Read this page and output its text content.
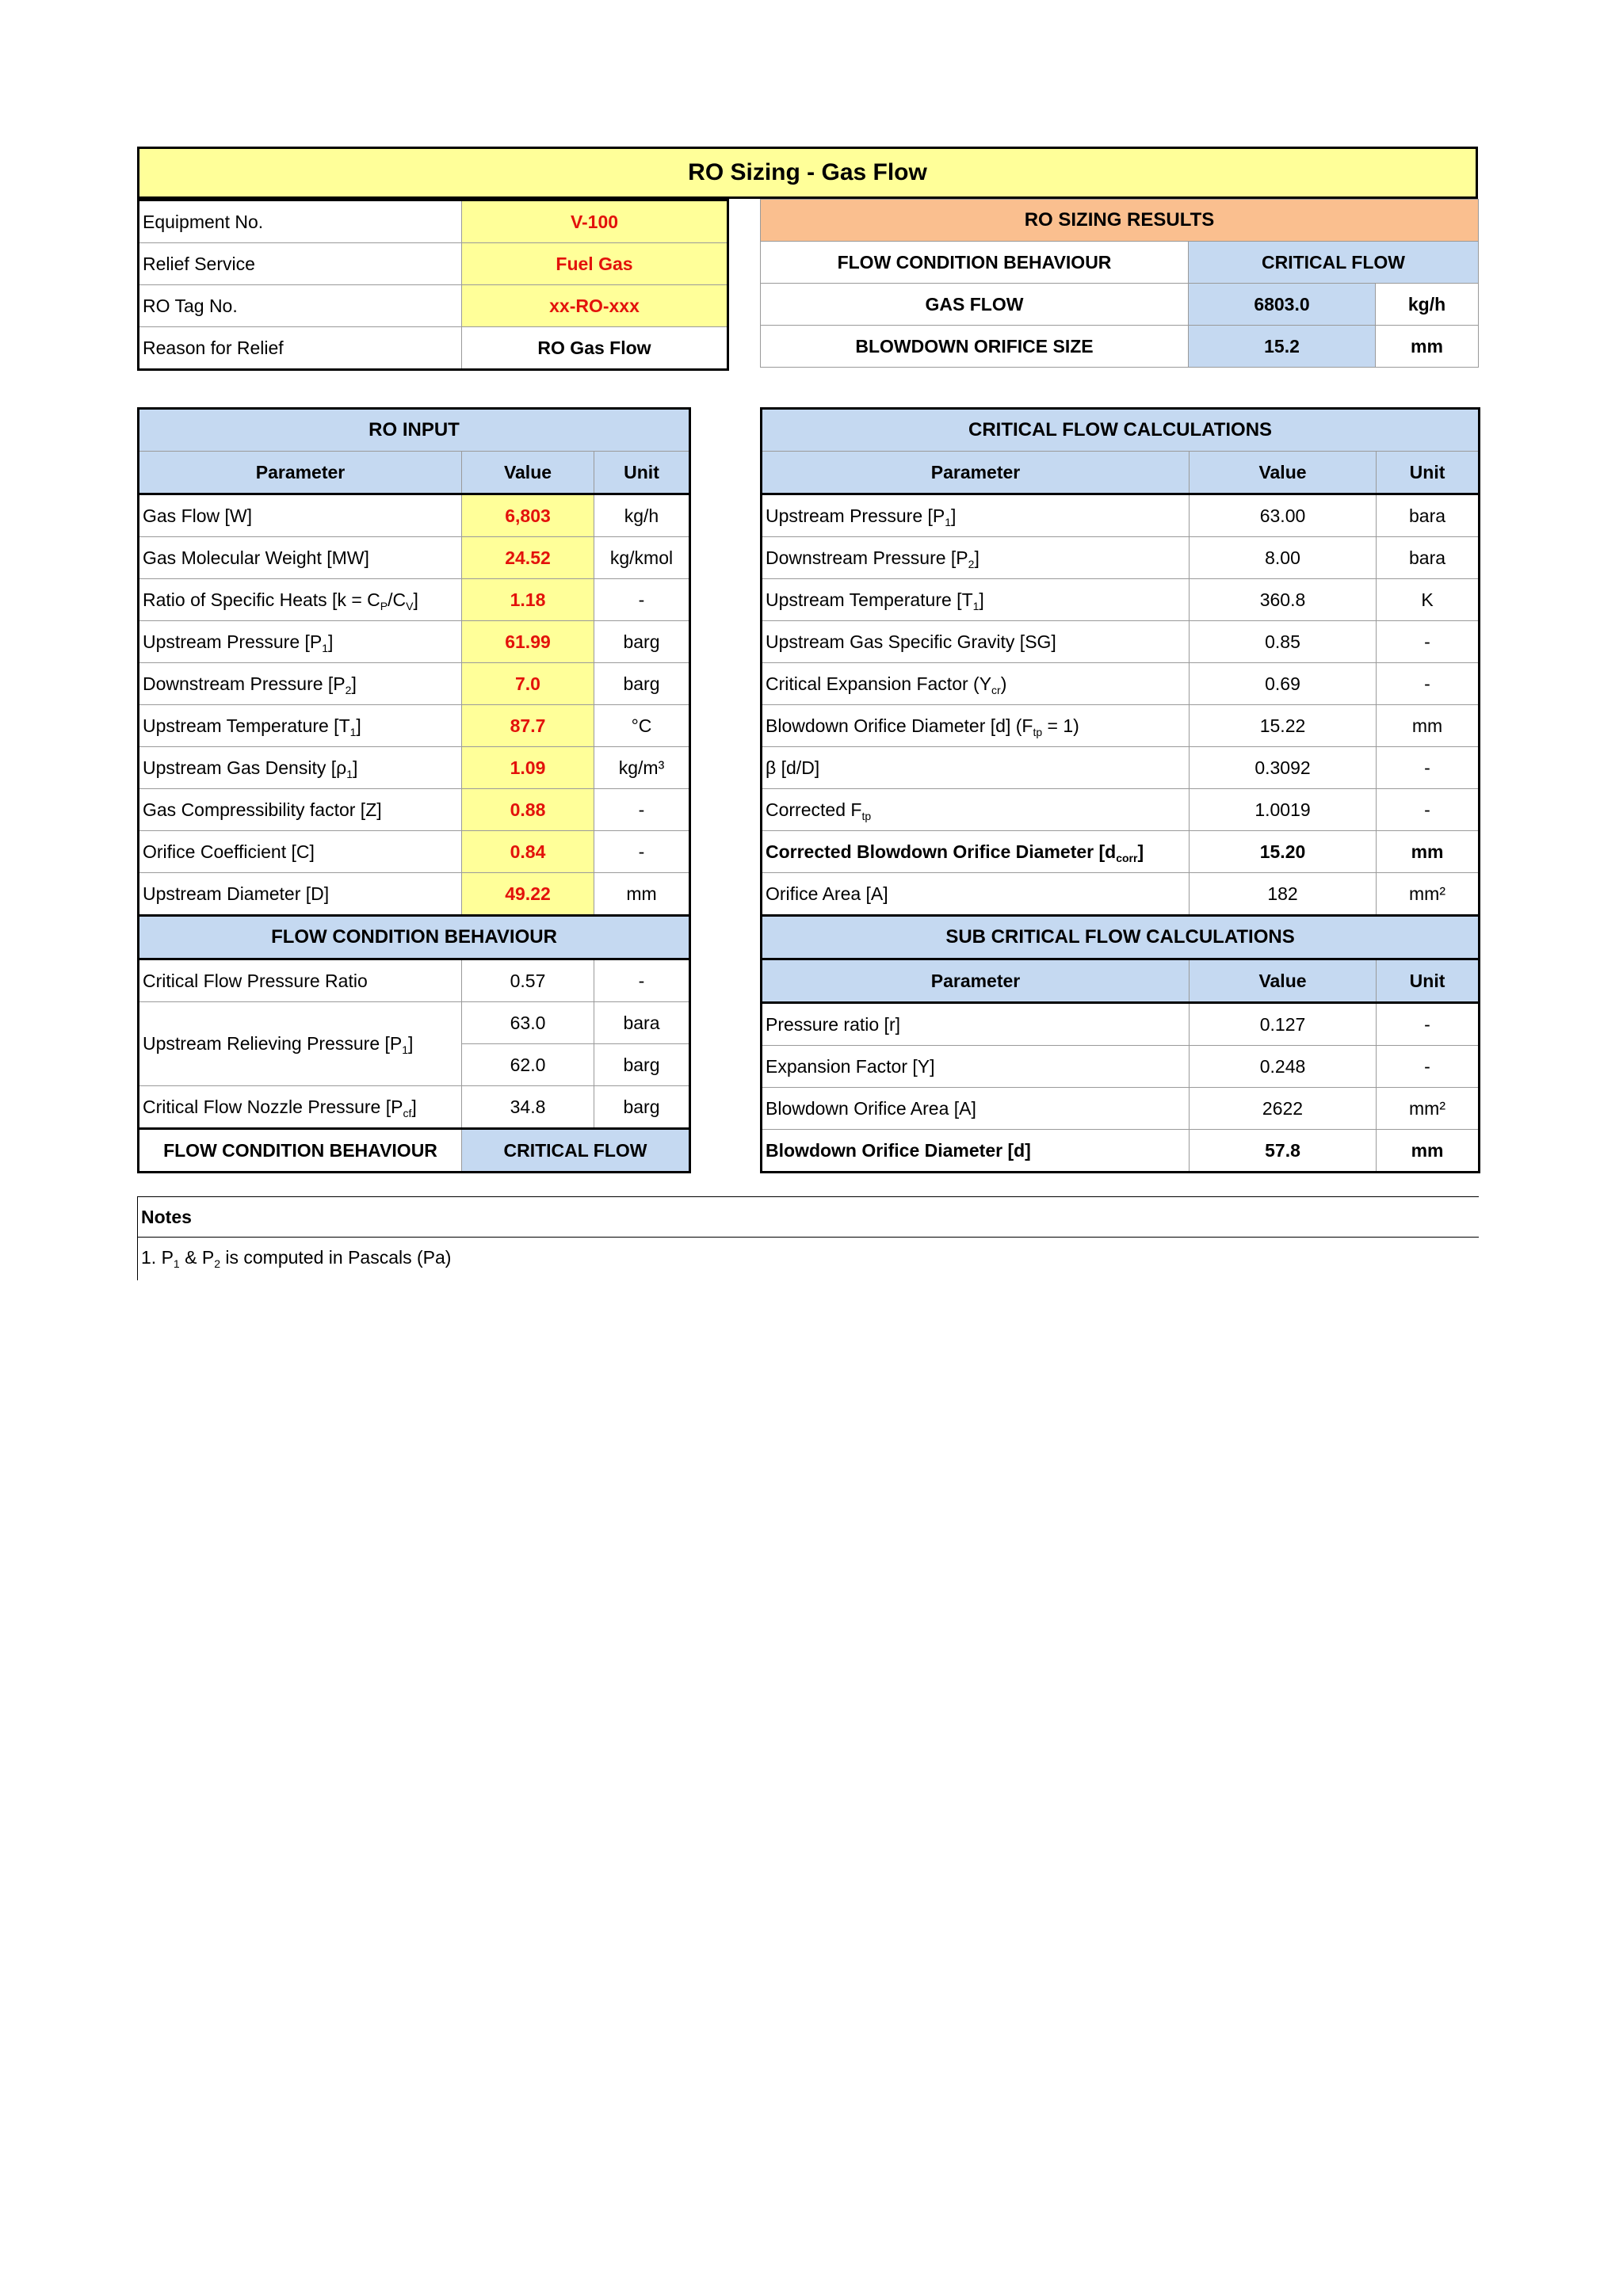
RO Sizing - Gas Flow
Equipment No.	V-100
Relief Service	Fuel Gas
RO Tag No.	xx-RO-xxx
Reason for Relief	RO Gas Flow
RO SIZING RESULTS		
FLOW CONDITION BEHAVIOUR	CRITICAL FLOW	
GAS FLOW	6803.0	kg/h
BLOWDOWN ORIFICE SIZE	15.2	mm
RO INPUT		
Parameter	Value	Unit
Gas Flow [W]	6,803	kg/h
Gas Molecular Weight [MW]	24.52	kg/kmol
Ratio of Specific Heats $[k = C_P/C_V]$	1.18	-
Upstream Pressure $[P_1]$	61.99	barg
Downstream Pressure $[P_2]$	7.0	barg
Upstream Temperature $[T_1]$	87.7	°C
Upstream Gas Density $[\rho_1]$	1.09	kg/m³
Gas Compressibility factor [Z]	0.88	-
Orifice Coefficient [C]	0.84	-
Upstream Diameter [D]	49.22	mm
FLOW CONDITION BEHAVIOUR		
Critical Flow Pressure Ratio	0.57	-
Upstream Relieving Pressure $[P_1]$	63.0	bara
	62.0	barg
Critical Flow Nozzle Pressure $[P_{cf}]$	34.8	barg
FLOW CONDITION BEHAVIOUR	CRITICAL FLOW	
CRITICAL FLOW CALCULATIONS		
Parameter	Value	Unit
Upstream Pressure $[P_1]$	63.00	bara
Downstream Pressure $[P_2]$	8.00	bara
Upstream Temperature $[T_1]$	360.8	K
Upstream Gas Specific Gravity [SG]	0.85	-
Critical Expansion Factor $(Y_{cr})$	0.69	-
Blowdown Orifice Diameter [d] $(F_{tp} = 1)$	15.22	mm
β [d/D]	0.3092	-
Corrected $F_{tp}$	1.0019	-
Corrected Blowdown Orifice Diameter $[d_{corr}]$	15.20	mm
Orifice Area [A]	182	mm²
SUB CRITICAL FLOW CALCULATIONS		
Parameter	Value	Unit
Pressure ratio [r]	0.127	-
Expansion Factor [Y]	0.248	-
Blowdown Orifice Area [A]	2622	mm²
Blowdown Orifice Diameter [d]	57.8	mm
Notes
1. $P_1$ & $P_2$ is computed in Pascals (Pa)
